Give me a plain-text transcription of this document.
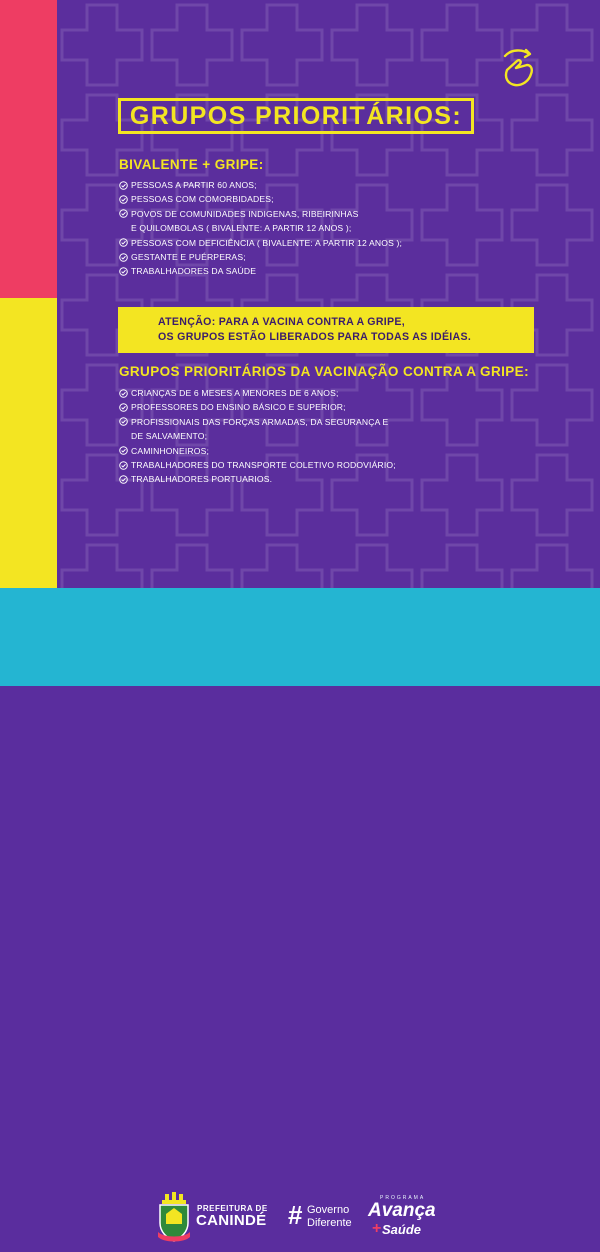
GRUPOS PRIORITÁRIOS:
BIVALENTE + GRIPE:
PESSOAS A PARTIR 60 ANOS;
PESSOAS COM COMORBIDADES;
POVOS DE COMUNIDADES INDIGENAS, RIBEIRINHAS
E QUILOMBOLAS ( BIVALENTE: A PARTIR 12 ANOS );
PESSOAS COM DEFICIÊNCIA ( BIVALENTE: A PARTIR 12 ANOS );
GESTANTE E PUÉRPERAS;
TRABALHADORES DA SAÚDE
ATENÇÃO: PARA A VACINA CONTRA A GRIPE,
OS GRUPOS ESTÃO LIBERADOS PARA TODAS AS IDÉIAS.
GRUPOS PRIORITÁRIOS DA VACINAÇÃO CONTRA A GRIPE:
CRIANÇAS DE 6 MESES A MENORES DE 6 ANOS;
PROFESSORES DO ENSINO BÁSICO E SUPERIOR;
PROFISSIONAIS DAS FORÇAS ARMADAS, DA SEGURANÇA E
DE SALVAMENTO;
CAMINHONEIROS;
TRABALHADORES DO TRANSPORTE COLETIVO RODOVIÁRIO;
TRABALHADORES PORTUARIOS.
PREFEITURA DE
CANINDÉ # Governo
Diferente
PROGRAMA
Avança
+ Saúde
